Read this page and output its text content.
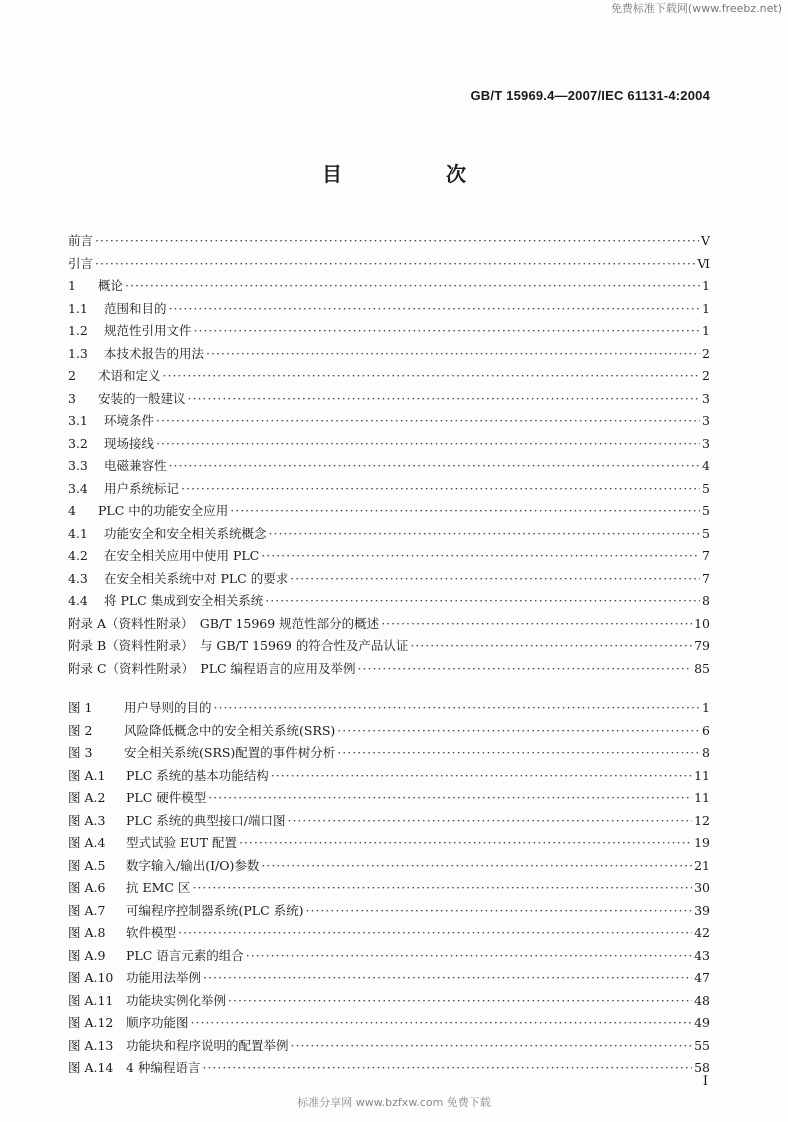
免费标准下载网(www.freebz.net)
GB/T 15969.4—2007/IEC 61131-4:2004
目　次
前言 ·····	Ⅴ
引言 ·····	Ⅵ
1	概论 ·····	1
1.1	范围和目的 ·····	1
1.2	规范性引用文件 ·····	1
1.3	本技术报告的用法 ·····	2
2	术语和定义 ·····	2
3	安装的一般建议 ·····	3
3.1	环境条件 ·····	3
3.2	现场接线 ·····	3
3.3	电磁兼容性 ·····	4
3.4	用户系统标记 ·····	5
4	PLC 中的功能安全应用 ·····	5
4.1	功能安全和安全相关系统概念 ·····	5
4.2	在安全相关应用中使用 PLC ·····	7
4.3	在安全相关系统中对 PLC 的要求 ·····	7
4.4	将 PLC 集成到安全相关系统 ·····	8
附录 A（资料性附录）　GB/T 15969 规范性部分的概述 ·····	10
附录 B（资料性附录）　与 GB/T 15969 的符合性及产品认证 ·····	79
附录 C（资料性附录）　PLC 编程语言的应用及举例 ·····	85
图 1	用户导则的目的 ·····	1
图 2	风险降低概念中的安全相关系统(SRS) ·····	6
图 3	安全相关系统(SRS)配置的事件树分析 ·····	8
图 A.1	PLC 系统的基本功能结构 ·····	11
图 A.2	PLC 硬件模型 ·····	11
图 A.3	PLC 系统的典型接口/端口图 ·····	12
图 A.4	型式试验 EUT 配置 ·····	19
图 A.5	数字输入/输出(I/O)参数 ·····	21
图 A.6	抗 EMC 区 ·····	30
图 A.7	可编程序控制器系统(PLC 系统) ·····	39
图 A.8	软件模型 ·····	42
图 A.9	PLC 语言元素的组合 ·····	43
图 A.10	功能用法举例 ·····	47
图 A.11	功能块实例化举例 ·····	48
图 A.12	顺序功能图 ·····	49
图 A.13	功能块和程序说明的配置举例 ·····	55
图 A.14	4 种编程语言 ·····	58
Ⅰ
标准分享网 www.bzfxw.com 免费下载
